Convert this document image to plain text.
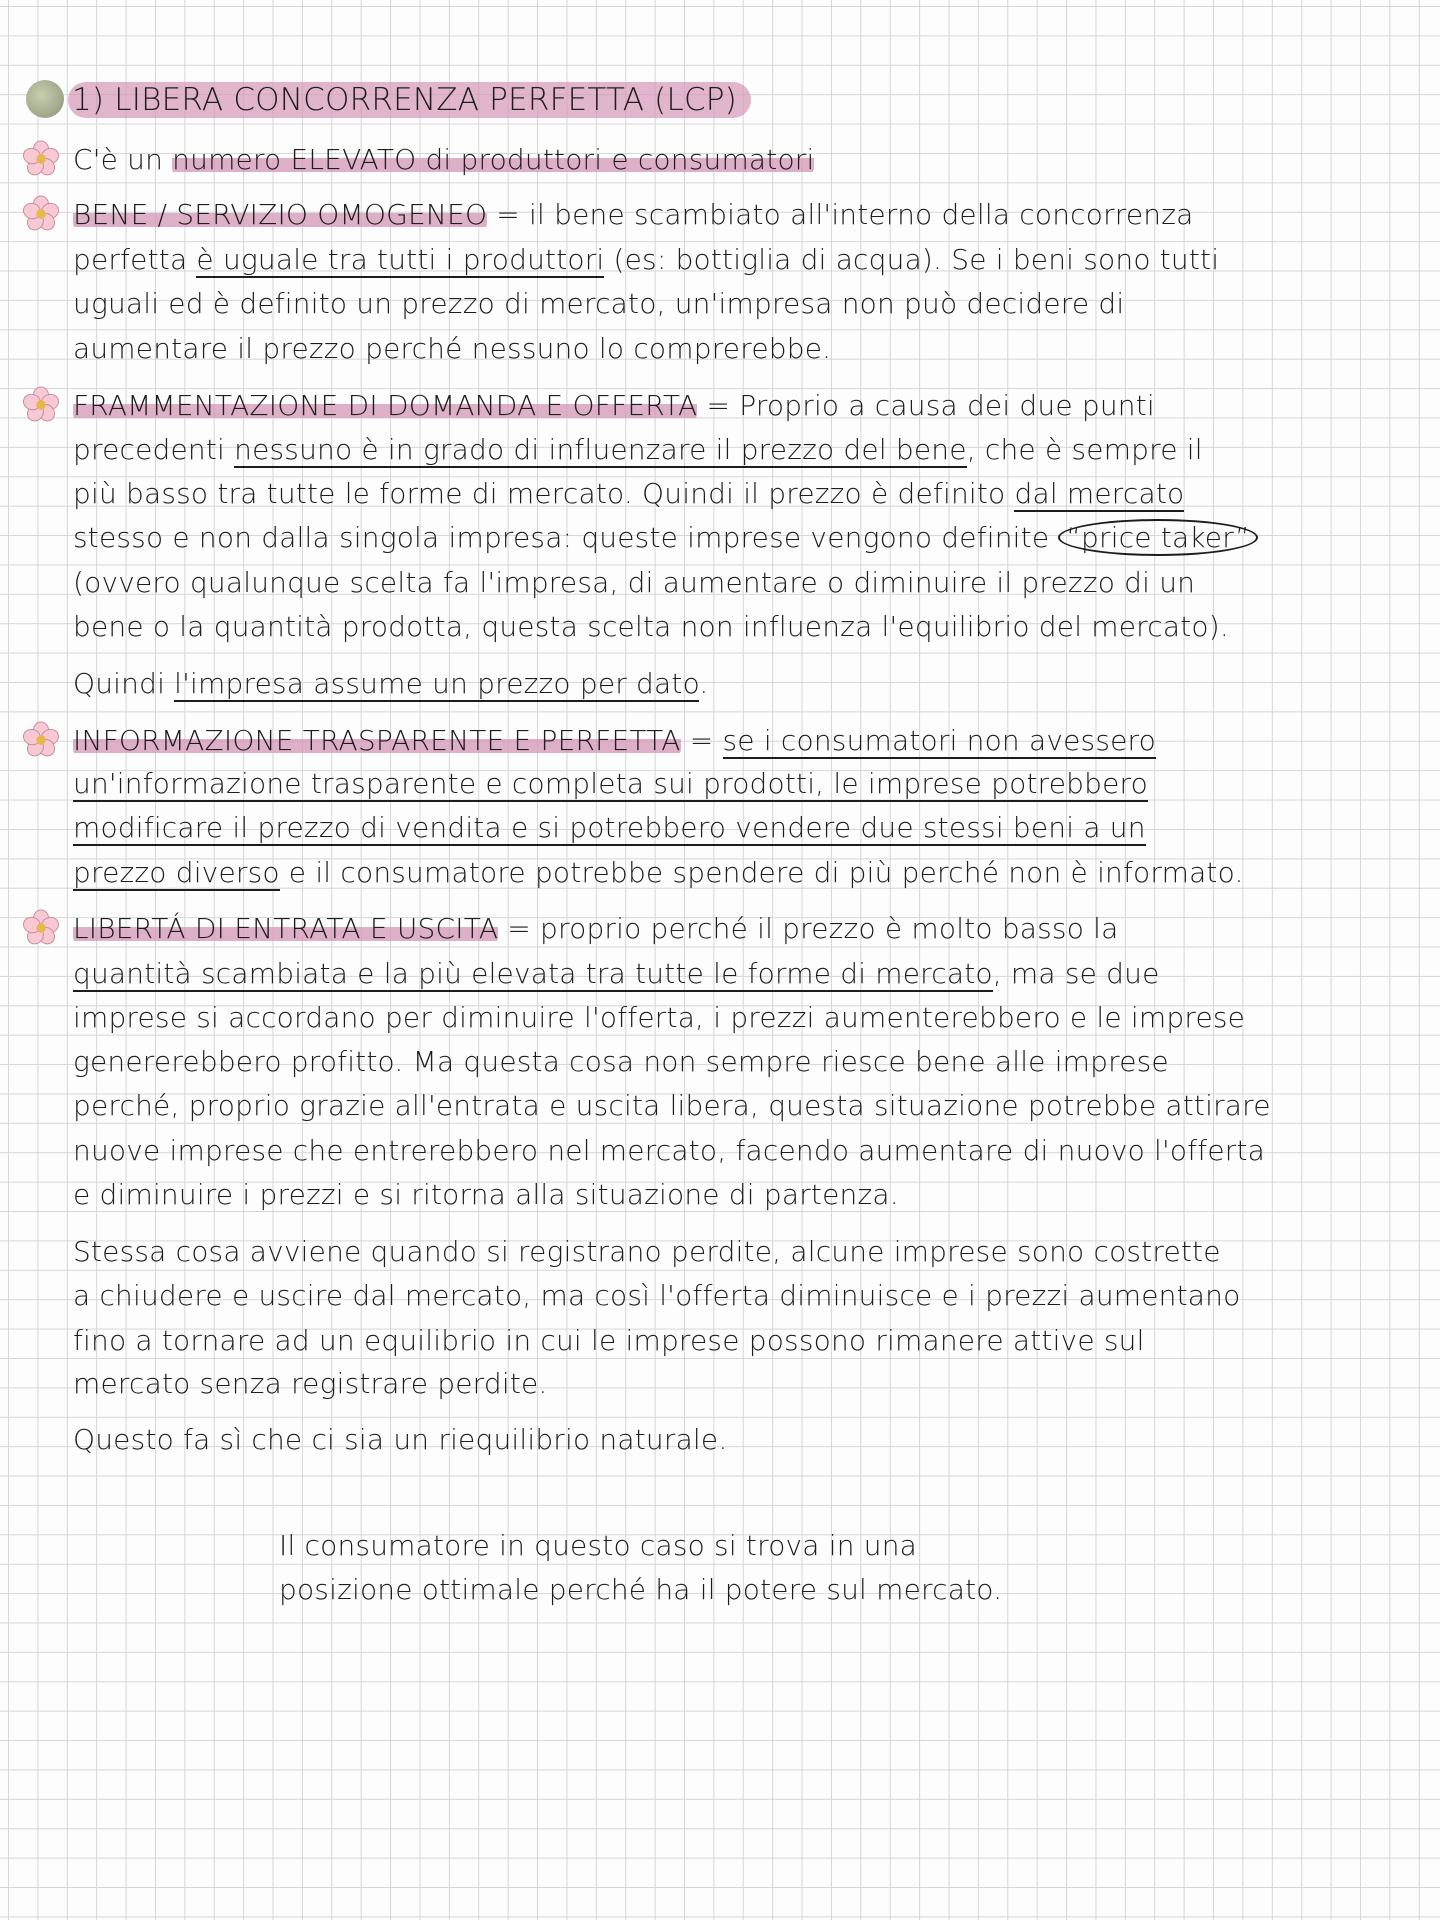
1) LIBERA CONCORRENZA PERFETTA (LCP)
C'è un numero ELEVATO di produttori e consumatori
BENE / SERVIZIO OMOGENEO = il bene scambiato all'interno della concorrenza
perfetta è uguale tra tutti i produttori (es: bottiglia di acqua). Se i beni sono tutti
uguali ed è definito un prezzo di mercato, un'impresa non può decidere di
aumentare il prezzo perché nessuno lo comprerebbe.
FRAMMENTAZIONE DI DOMANDA E OFFERTA = Proprio a causa dei due punti
precedenti nessuno è in grado di influenzare il prezzo del bene, che è sempre il
più basso tra tutte le forme di mercato. Quindi il prezzo è definito dal mercato
stesso e non dalla singola impresa: queste imprese vengono definite “price taker”
(ovvero qualunque scelta fa l'impresa, di aumentare o diminuire il prezzo di un
bene o la quantità prodotta, questa scelta non influenza l'equilibrio del mercato).
Quindi l'impresa assume un prezzo per dato.
INFORMAZIONE TRASPARENTE E PERFETTA = se i consumatori non avessero
un'informazione trasparente e completa sui prodotti, le imprese potrebbero
modificare il prezzo di vendita e si potrebbero vendere due stessi beni a un
prezzo diverso e il consumatore potrebbe spendere di più perché non è informato.
LIBERTÁ DI ENTRATA E USCITA = proprio perché il prezzo è molto basso la
quantità scambiata e la più elevata tra tutte le forme di mercato, ma se due
imprese si accordano per diminuire l'offerta, i prezzi aumenterebbero e le imprese
genererebbero profitto. Ma questa cosa non sempre riesce bene alle imprese
perché, proprio grazie all'entrata e uscita libera, questa situazione potrebbe attirare
nuove imprese che entrerebbero nel mercato, facendo aumentare di nuovo l'offerta
e diminuire i prezzi e si ritorna alla situazione di partenza.
Stessa cosa avviene quando si registrano perdite, alcune imprese sono costrette
a chiudere e uscire dal mercato, ma così l'offerta diminuisce e i prezzi aumentano
fino a tornare ad un equilibrio in cui le imprese possono rimanere attive sul
mercato senza registrare perdite.
Questo fa sì che ci sia un riequilibrio naturale.
Il consumatore in questo caso si trova in una
posizione ottimale perché ha il potere sul mercato.
